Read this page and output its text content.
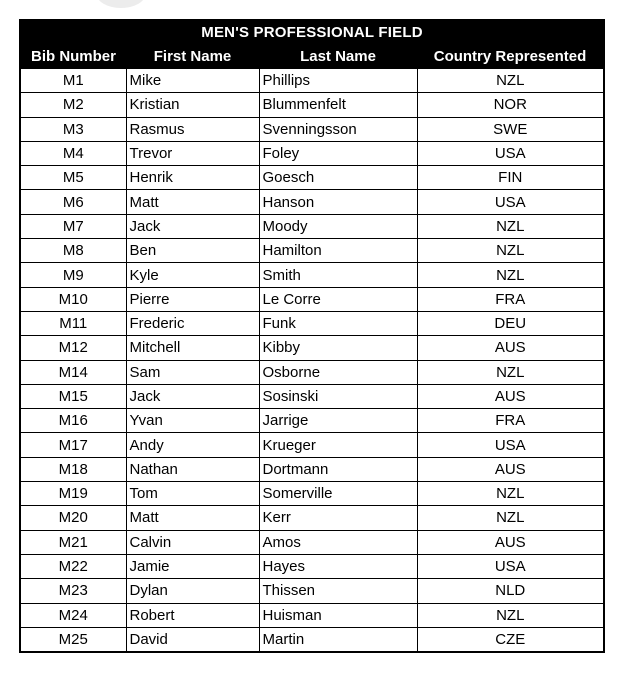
MEN'S PROFESSIONAL FIELD			
Bib Number	First Name	Last Name	Country Represented
M1	Mike	Phillips	NZL
M2	Kristian	Blummenfelt	NOR
M3	Rasmus	Svenningsson	SWE
M4	Trevor	Foley	USA
M5	Henrik	Goesch	FIN
M6	Matt	Hanson	USA
M7	Jack	Moody	NZL
M8	Ben	Hamilton	NZL
M9	Kyle	Smith	NZL
M10	Pierre	Le Corre	FRA
M11	Frederic	Funk	DEU
M12	Mitchell	Kibby	AUS
M14	Sam	Osborne	NZL
M15	Jack	Sosinski	AUS
M16	Yvan	Jarrige	FRA
M17	Andy	Krueger	USA
M18	Nathan	Dortmann	AUS
M19	Tom	Somerville	NZL
M20	Matt	Kerr	NZL
M21	Calvin	Amos	AUS
M22	Jamie	Hayes	USA
M23	Dylan	Thissen	NLD
M24	Robert	Huisman	NZL
M25	David	Martin	CZE
